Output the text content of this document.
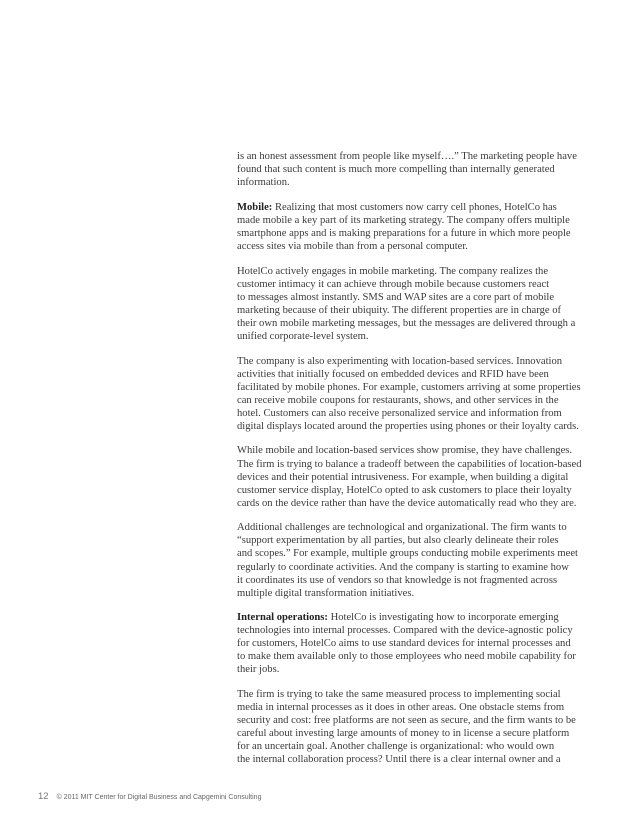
is an honest assessment from people like myself….” The marketing people have
found that such content is much more compelling than internally generated
information.

Mobile: Realizing that most customers now carry cell phones, HotelCo has
made mobile a key part of its marketing strategy. The company offers multiple
smartphone apps and is making preparations for a future in which more people
access sites via mobile than from a personal computer.

HotelCo actively engages in mobile marketing. The company realizes the
customer intimacy it can achieve through mobile because customers react
to messages almost instantly. SMS and WAP sites are a core part of mobile
marketing because of their ubiquity. The different properties are in charge of
their own mobile marketing messages, but the messages are delivered through a
unified corporate-level system.

The company is also experimenting with location-based services. Innovation
activities that initially focused on embedded devices and RFID have been
facilitated by mobile phones. For example, customers arriving at some properties
can receive mobile coupons for restaurants, shows, and other services in the
hotel. Customers can also receive personalized service and information from
digital displays located around the properties using phones or their loyalty cards.

While mobile and location-based services show promise, they have challenges.
The firm is trying to balance a tradeoff between the capabilities of location-based
devices and their potential intrusiveness. For example, when building a digital
customer service display, HotelCo opted to ask customers to place their loyalty
cards on the device rather than have the device automatically read who they are.

Additional challenges are technological and organizational. The firm wants to
“support experimentation by all parties, but also clearly delineate their roles
and scopes.” For example, multiple groups conducting mobile experiments meet
regularly to coordinate activities. And the company is starting to examine how
it coordinates its use of vendors so that knowledge is not fragmented across
multiple digital transformation initiatives.

Internal operations: HotelCo is investigating how to incorporate emerging
technologies into internal processes. Compared with the device-agnostic policy
for customers, HotelCo aims to use standard devices for internal processes and
to make them available only to those employees who need mobile capability for
their jobs.

The firm is trying to take the same measured process to implementing social
media in internal processes as it does in other areas. One obstacle stems from
security and cost: free platforms are not seen as secure, and the firm wants to be
careful about investing large amounts of money to in license a secure platform
for an uncertain goal. Another challenge is organizational: who would own
the internal collaboration process? Until there is a clear internal owner and a

12 © 2011 MIT Center for Digital Business and Capgemini Consulting
